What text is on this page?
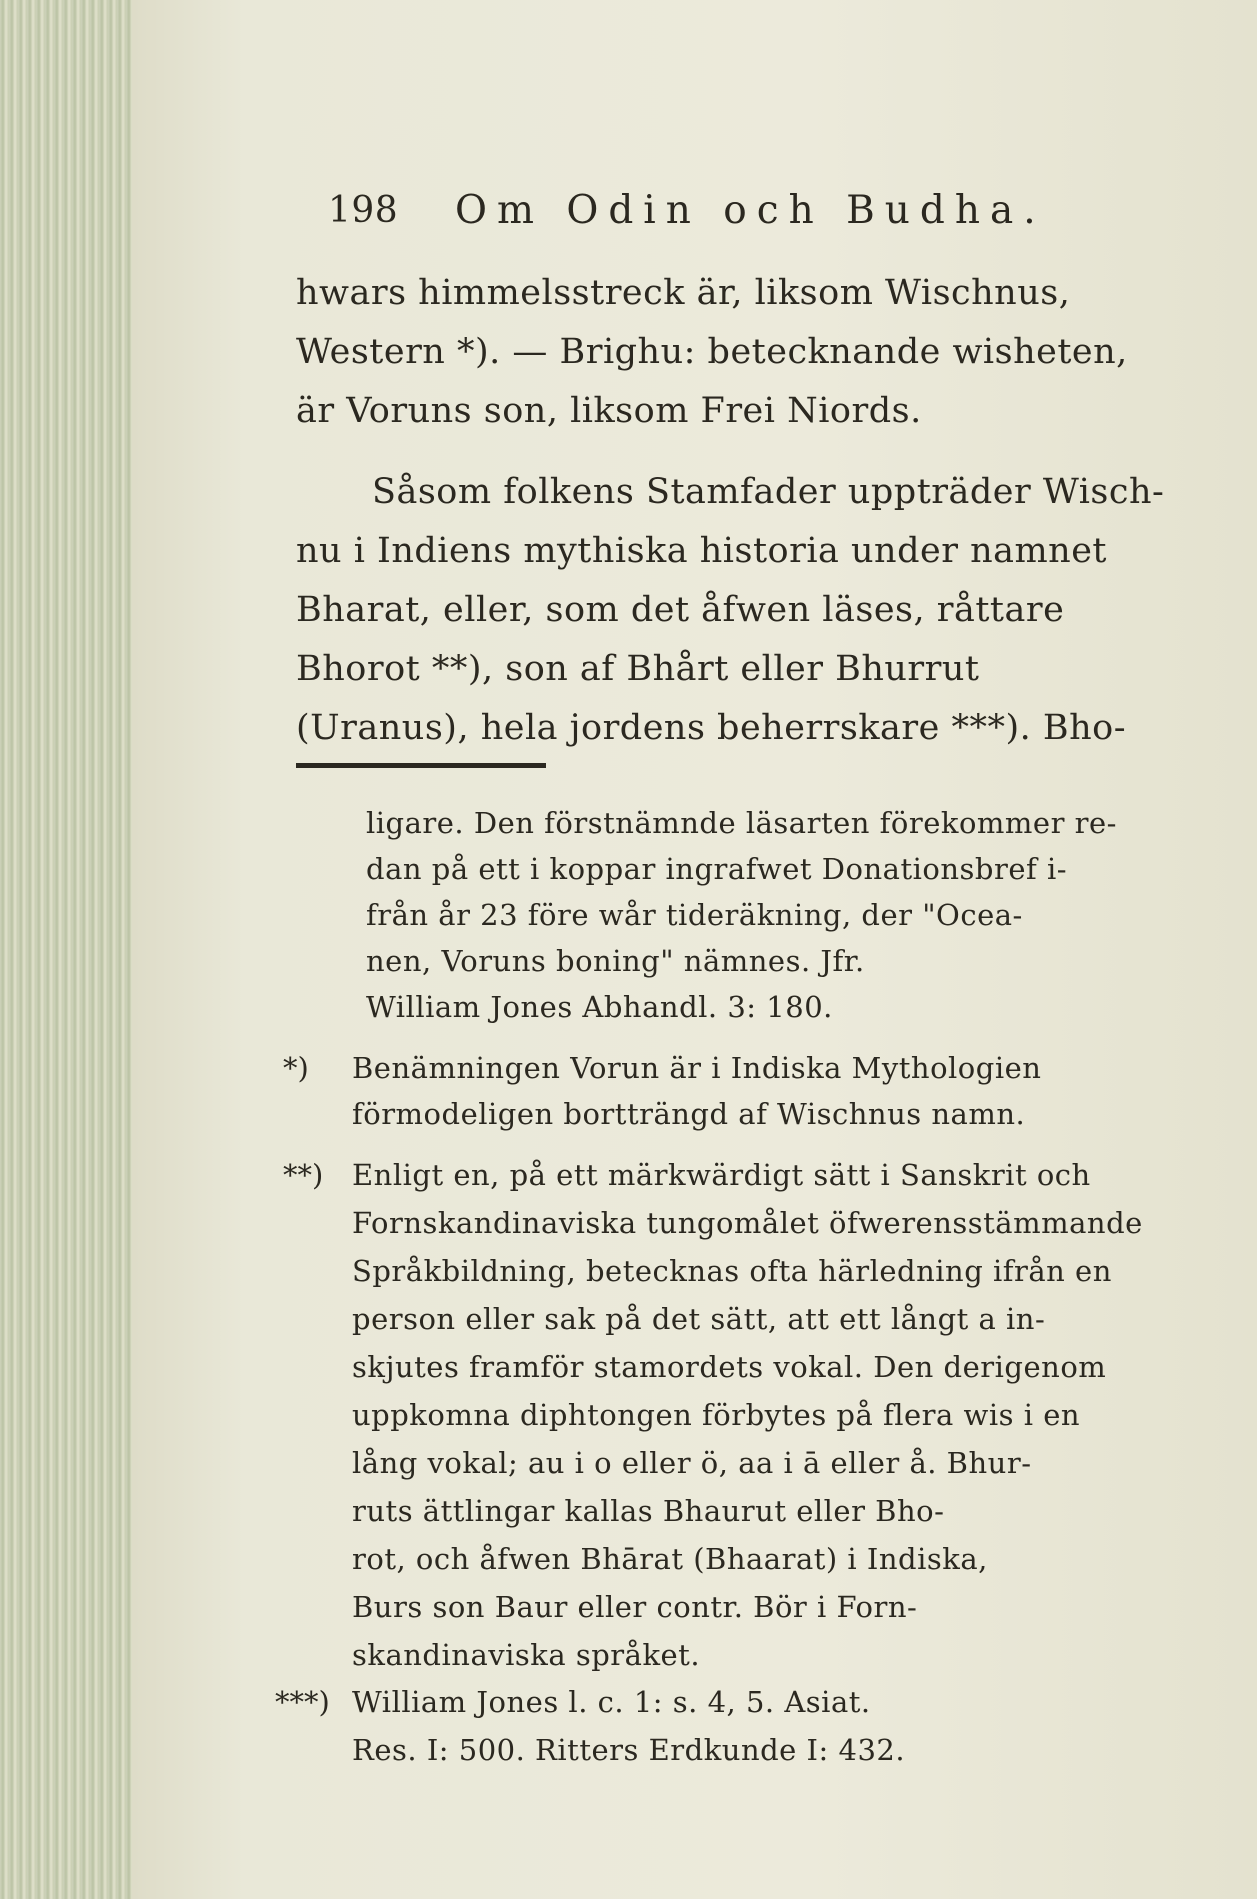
198 Om Odin och Budha.

hwars himmelsstreck är, liksom Wischnus,

Western *). — Brighu: betecknande wisheten,

är Voruns son, liksom Frei Niords.

Såsom folkens Stamfader uppträder Wisch-

nu i Indiens mythiska historia under namnet

Bharat, eller, som det åfwen läses, råttare

Bhorot **), son af Bhårt eller Bhurrut

(Uranus), hela jordens beherrskare ***). Bho-

ligare. Den förstnämnde läsarten förekommer re-

dan på ett i koppar ingrafwet Donationsbref i-

från år 23 före wår tideräkning, der "Ocea-

nen, Voruns boning" nämnes. Jfr.

William Jones Abhandl. 3: 180.

*) Benämningen Vorun är i Indiska Mythologien

förmodeligen bortträngd af Wischnus namn.

**) Enligt en, på ett märkwärdigt sätt i Sanskrit och

Fornskandinaviska tungomålet öfwerensstämmande

Språkbildning, betecknas ofta härledning ifrån en

person eller sak på det sätt, att ett långt a in-

skjutes framför stamordets vokal. Den derigenom

uppkomna diphtongen förbytes på flera wis i en

lång vokal; au i o eller ö, aa i ā eller å. Bhur-

ruts ättlingar kallas Bhaurut eller Bho-

rot, och åfwen Bhārat (Bhaarat) i Indiska,

Burs son Baur eller contr. Bör i Forn-

skandinaviska språket.

***) William Jones l. c. 1: s. 4, 5. Asiat.

Res. I: 500. Ritters Erdkunde I: 432.
